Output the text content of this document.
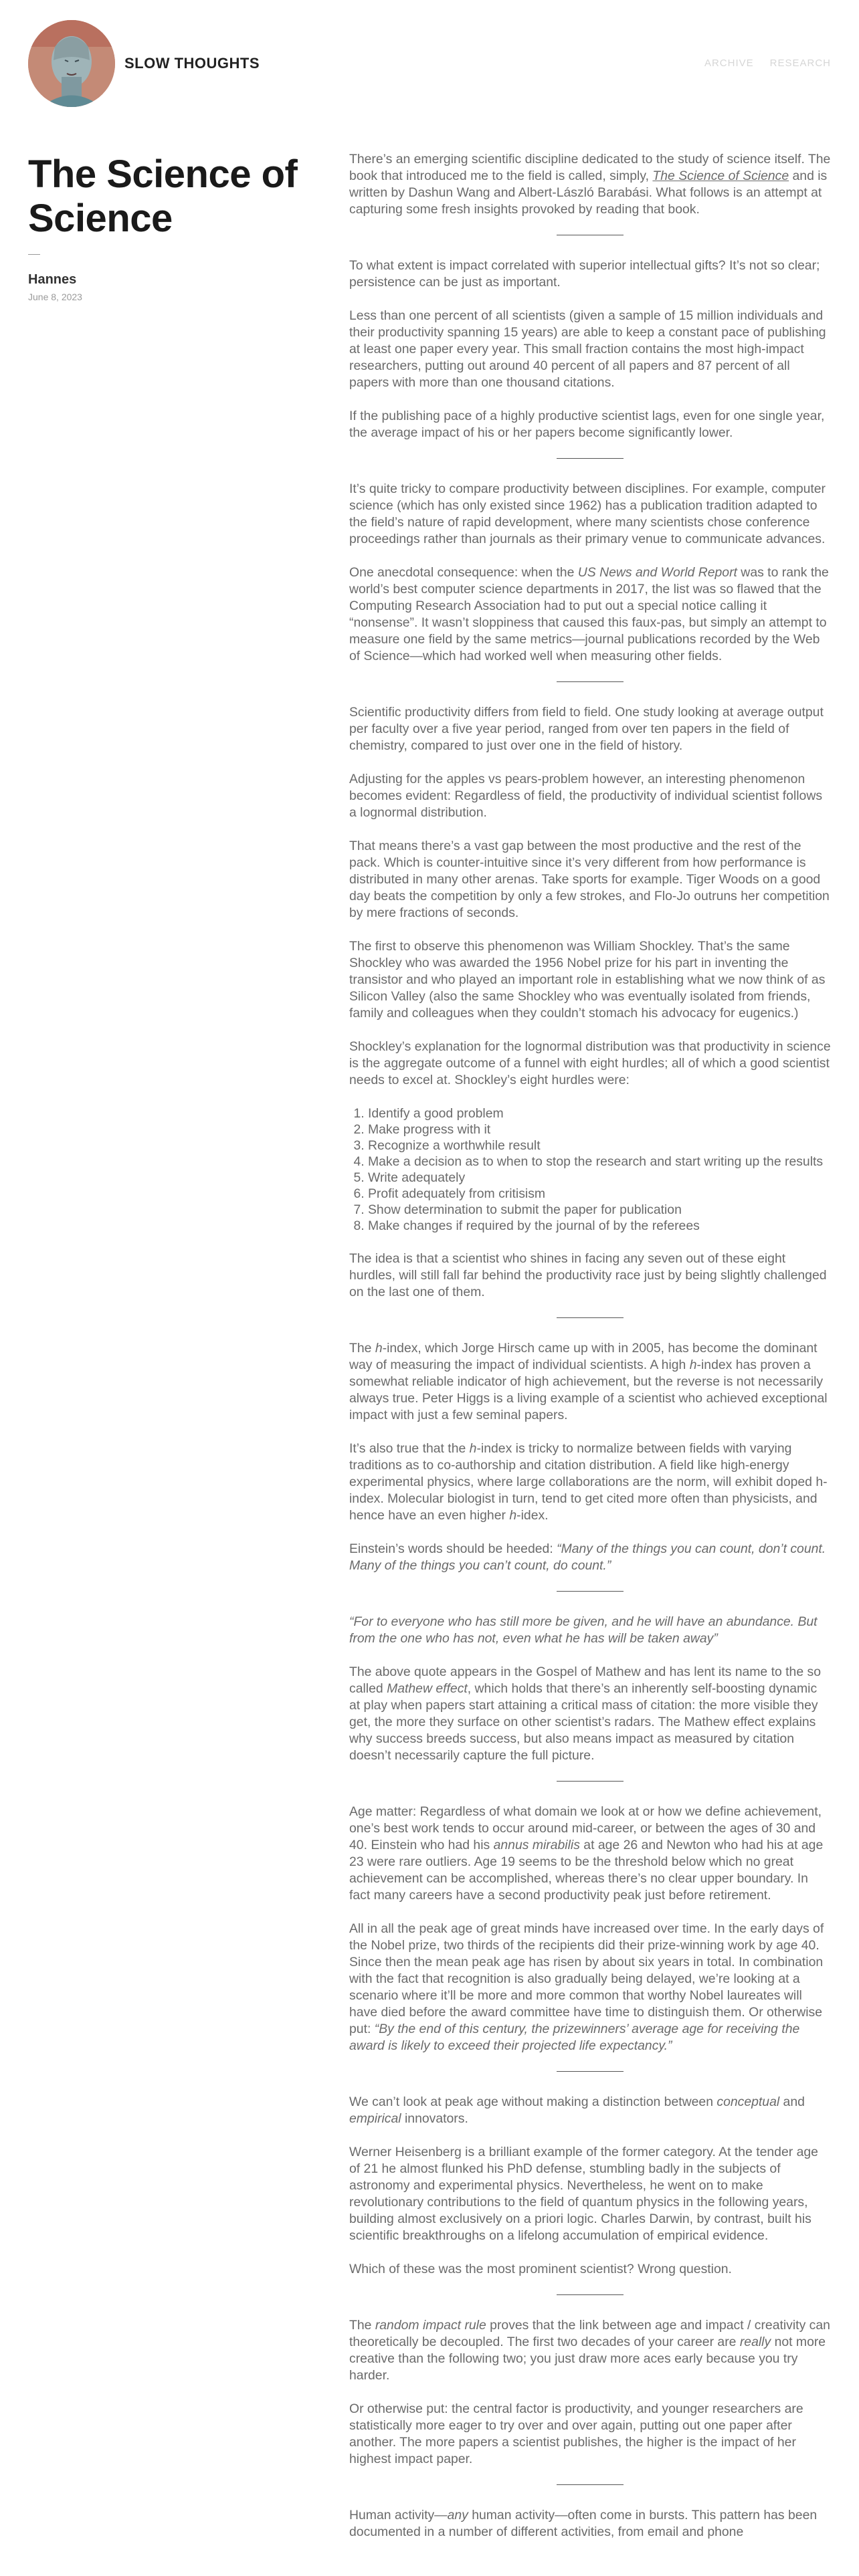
SLOW THOUGHTS	ARCHIVE RESEARCH
The Science of Science
Hannes
June 8, 2023

There’s an emerging scientific discipline dedicated to the study of science itself. The book that introduced me to the field is called, simply, The Science of Science and is written by Dashun Wang and Albert-László Barabási. What follows is an attempt at capturing some fresh insights provoked by reading that book.

To what extent is impact correlated with superior intellectual gifts? It’s not so clear; persistence can be just as important.

Less than one percent of all scientists (given a sample of 15 million individuals and their productivity spanning 15 years) are able to keep a constant pace of publishing at least one paper every year. This small fraction contains the most high-impact researchers, putting out around 40 percent of all papers and 87 percent of all papers with more than one thousand citations.

If the publishing pace of a highly productive scientist lags, even for one single year, the average impact of his or her papers become significantly lower.

It’s quite tricky to compare productivity between disciplines. For example, computer science (which has only existed since 1962) has a publication tradition adapted to the field’s nature of rapid development, where many scientists chose conference proceedings rather than journals as their primary venue to communicate advances.

One anecdotal consequence: when the US News and World Report was to rank the world’s best computer science departments in 2017, the list was so flawed that the Computing Research Association had to put out a special notice calling it “nonsense”. It wasn’t sloppiness that caused this faux-pas, but simply an attempt to measure one field by the same metrics—journal publications recorded by the Web of Science—which had worked well when measuring other fields.

Scientific productivity differs from field to field. One study looking at average output per faculty over a five year period, ranged from over ten papers in the field of chemistry, compared to just over one in the field of history.

Adjusting for the apples vs pears-problem however, an interesting phenomenon becomes evident: Regardless of field, the productivity of individual scientist follows a lognormal distribution.

That means there’s a vast gap between the most productive and the rest of the pack. Which is counter-intuitive since it’s very different from how performance is distributed in many other arenas. Take sports for example. Tiger Woods on a good day beats the competition by only a few strokes, and Flo-Jo outruns her competition by mere fractions of seconds.

The first to observe this phenomenon was William Shockley. That’s the same Shockley who was awarded the 1956 Nobel prize for his part in inventing the transistor and who played an important role in establishing what we now think of as Silicon Valley (also the same Shockley who was eventually isolated from friends, family and colleagues when they couldn’t stomach his advocacy for eugenics.)

Shockley’s explanation for the lognormal distribution was that productivity in science is the aggregate outcome of a funnel with eight hurdles; all of which a good scientist needs to excel at. Shockley’s eight hurdles were:

1. Identify a good problem
2. Make progress with it
3. Recognize a worthwhile result
4. Make a decision as to when to stop the research and start writing up the results
5. Write adequately
6. Profit adequately from critisism
7. Show determination to submit the paper for publication
8. Make changes if required by the journal of by the referees

The idea is that a scientist who shines in facing any seven out of these eight hurdles, will still fall far behind the productivity race just by being slightly challenged on the last one of them.

The h-index, which Jorge Hirsch came up with in 2005, has become the dominant way of measuring the impact of individual scientists. A high h-index has proven a somewhat reliable indicator of high achievement, but the reverse is not necessarily always true. Peter Higgs is a living example of a scientist who achieved exceptional impact with just a few seminal papers.

It’s also true that the h-index is tricky to normalize between fields with varying traditions as to co-authorship and citation distribution. A field like high-energy experimental physics, where large collaborations are the norm, will exhibit doped h-index. Molecular biologist in turn, tend to get cited more often than physicists, and hence have an even higher h-idex.

Einstein’s words should be heeded: “Many of the things you can count, don’t count. Many of the things you can’t count, do count.”

“For to everyone who has still more be given, and he will have an abundance. But from the one who has not, even what he has will be taken away”

The above quote appears in the Gospel of Mathew and has lent its name to the so called Mathew effect, which holds that there’s an inherently self-boosting dynamic at play when papers start attaining a critical mass of citation: the more visible they get, the more they surface on other scientist’s radars. The Mathew effect explains why success breeds success, but also means impact as measured by citation doesn’t necessarily capture the full picture.

Age matter: Regardless of what domain we look at or how we define achievement, one’s best work tends to occur around mid-career, or between the ages of 30 and 40. Einstein who had his annus mirabilis at age 26 and Newton who had his at age 23 were rare outliers. Age 19 seems to be the threshold below which no great achievement can be accomplished, whereas there’s no clear upper boundary. In fact many careers have a second productivity peak just before retirement.

All in all the peak age of great minds have increased over time. In the early days of the Nobel prize, two thirds of the recipients did their prize-winning work by age 40. Since then the mean peak age has risen by about six years in total. In combination with the fact that recognition is also gradually being delayed, we’re looking at a scenario where it’ll be more and more common that worthy Nobel laureates will have died before the award committee have time to distinguish them. Or otherwise put: “By the end of this century, the prizewinners’ average age for receiving the award is likely to exceed their projected life expectancy.”

We can’t look at peak age without making a distinction between conceptual and empirical innovators.

Werner Heisenberg is a brilliant example of the former category. At the tender age of 21 he almost flunked his PhD defense, stumbling badly in the subjects of astronomy and experimental physics. Nevertheless, he went on to make revolutionary contributions to the field of quantum physics in the following years, building almost exclusively on a priori logic. Charles Darwin, by contrast, built his scientific breakthroughs on a lifelong accumulation of empirical evidence.

Which of these was the most prominent scientist? Wrong question.

The random impact rule proves that the link between age and impact / creativity can theoretically be decoupled. The first two decades of your career are really not more creative than the following two; you just draw more aces early because you try harder.

Or otherwise put: the central factor is productivity, and younger researchers are statistically more eager to try over and over again, putting out one paper after another. The more papers a scientist publishes, the higher is the impact of her highest impact paper.

Human activity—any human activity—often come in bursts. This pattern has been documented in a number of different activities, from email and phone
